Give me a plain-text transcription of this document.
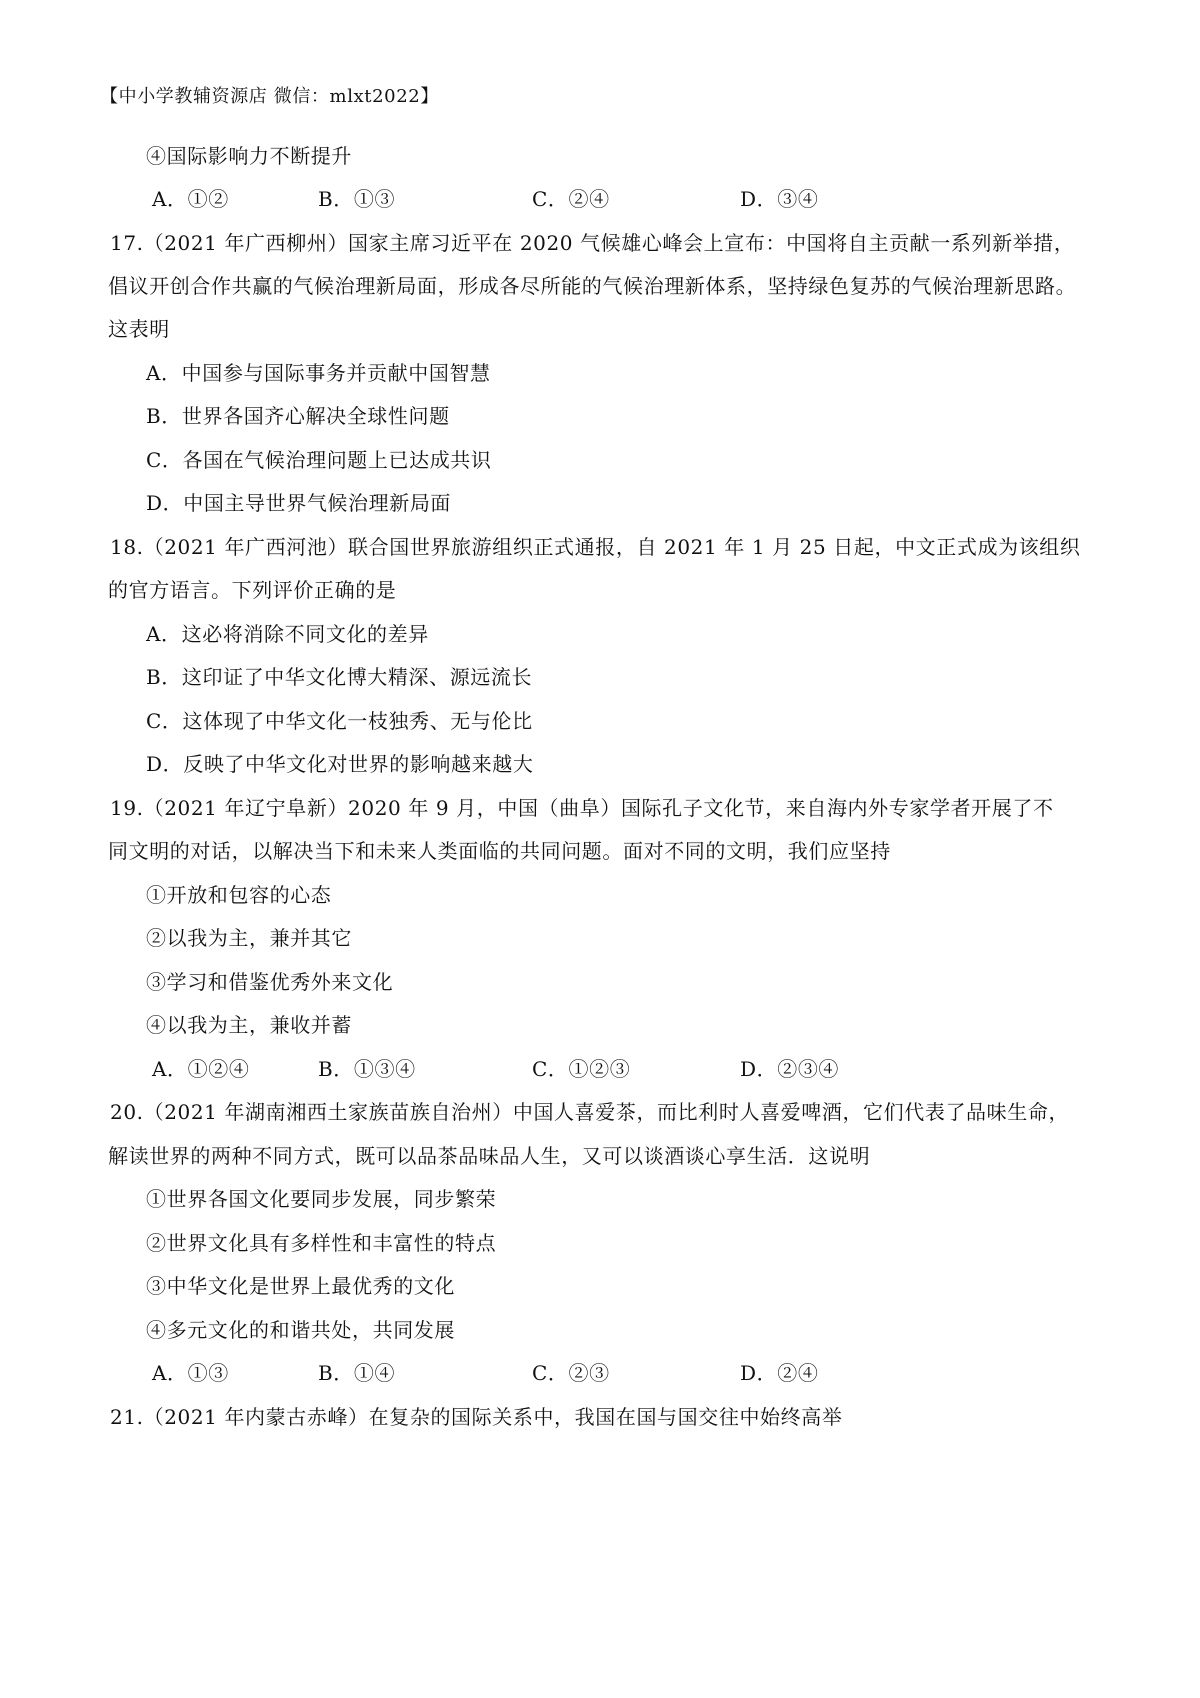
【中小学教辅资源店 微信：mlxt2022】
④国际影响力不断提升
A．①②	B．①③	C．②④	D．③④
17.（2021 年广西柳州）国家主席习近平在 2020 气候雄心峰会上宣布：中国将自主贡献一系列新举措，
倡议开创合作共赢的气候治理新局面，形成各尽所能的气候治理新体系，坚持绿色复苏的气候治理新思路。
这表明
A．中国参与国际事务并贡献中国智慧
B．世界各国齐心解决全球性问题
C．各国在气候治理问题上已达成共识
D．中国主导世界气候治理新局面
18.（2021 年广西河池）联合国世界旅游组织正式通报，自 2021 年 1 月 25 日起，中文正式成为该组织
的官方语言。下列评价正确的是
A．这必将消除不同文化的差异
B．这印证了中华文化博大精深、源远流长
C．这体现了中华文化一枝独秀、无与伦比
D．反映了中华文化对世界的影响越来越大
19.（2021 年辽宁阜新）2020 年 9 月，中国（曲阜）国际孔子文化节，来自海内外专家学者开展了不
同文明的对话，以解决当下和未来人类面临的共同问题。面对不同的文明，我们应坚持
①开放和包容的心态
②以我为主，兼并其它
③学习和借鉴优秀外来文化
④以我为主，兼收并蓄
A．①②④	B．①③④	C．①②③	D．②③④
20.（2021 年湖南湘西土家族苗族自治州）中国人喜爱茶，而比利时人喜爱啤酒，它们代表了品味生命，
解读世界的两种不同方式，既可以品茶品味品人生，又可以谈酒谈心享生活．这说明
①世界各国文化要同步发展，同步繁荣
②世界文化具有多样性和丰富性的特点
③中华文化是世界上最优秀的文化
④多元文化的和谐共处，共同发展
A．①③	B．①④	C．②③	D．②④
21.（2021 年内蒙古赤峰）在复杂的国际关系中，我国在国与国交往中始终高举
